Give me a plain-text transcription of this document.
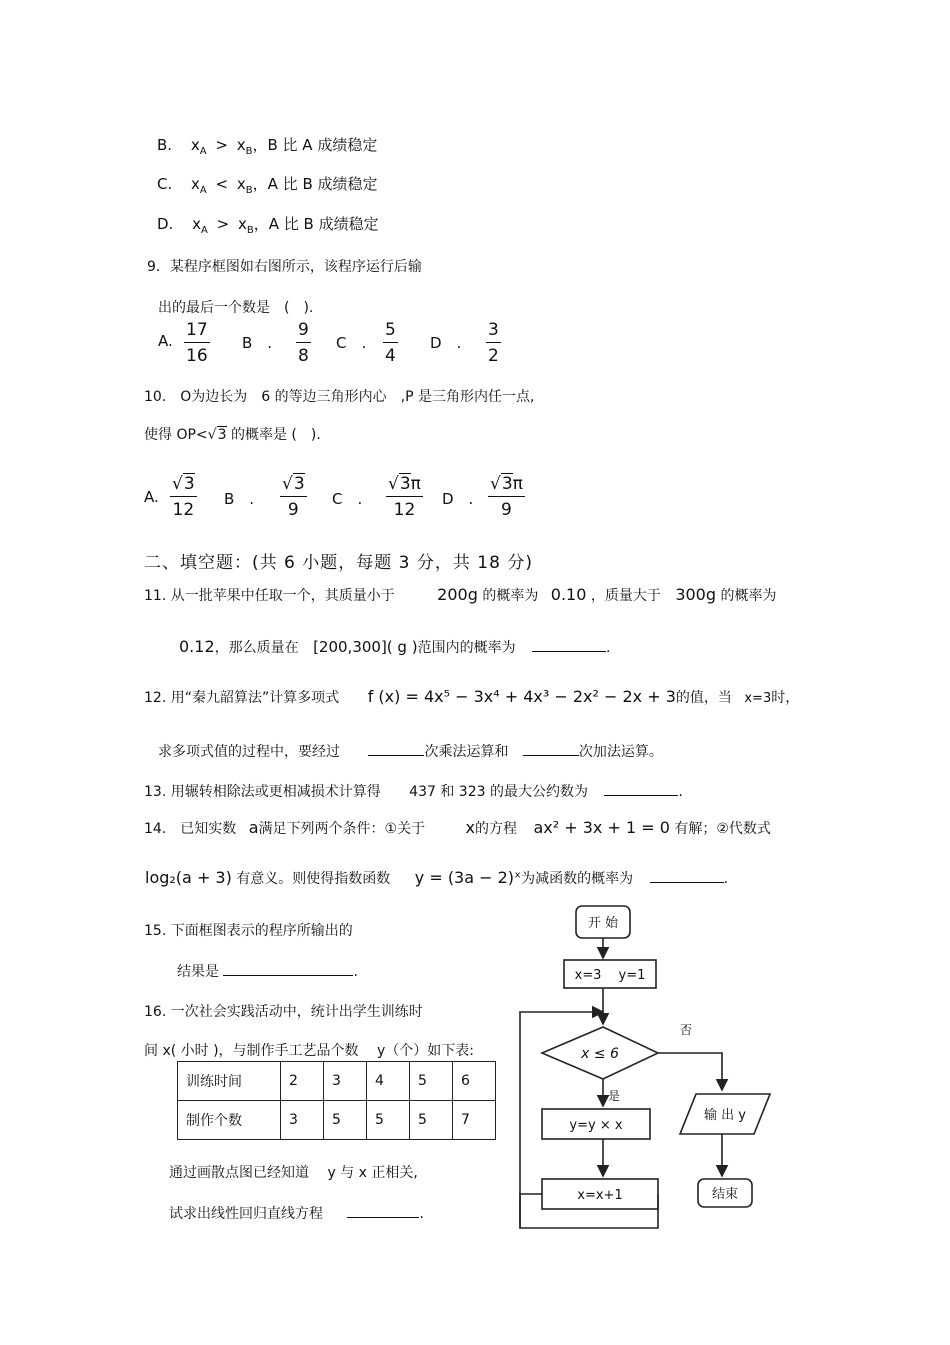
B. $x_A > x_B$，B 比 A 成绩稳定
C. $x_A < x_B$，A 比 B 成绩稳定
D. $x_A > x_B$，A 比 B 成绩稳定
9．某程序框图如右图所示，该程序运行后输
出的最后一个数是　(　).
A. $\frac{17}{16}$ B　. $\frac{9}{8}$ C　. $\frac{5}{4}$ D　. $\frac{3}{2}$
10.　O为边长为　6 的等边三角形内心　,P 是三角形内任一点,
使得 OP<√3 的概率是 (　).
A. $\frac{√3}{12}$ B　. $\frac{√3}{9}$ C　. $\frac{√3\pi}{12}$ D　. $\frac{√3\pi}{9}$
二、填空题：(共 6 小题，每题 3 分，共 18 分)
11. 从一批苹果中任取一个，其质量小于	200g 的概率为 0.10 ，质量大于 300g 的概率为
0.12，那么质量在 [200,300]( g )范围内的概率为	.
12. 用“秦九韶算法”计算多项式 f (x) = 4x⁵ − 3x⁴ + 4x³ − 2x² − 2x + 3的值，当 x=3时，
求多项式值的过程中，要经过	次乘法运算和	次加法运算。
13. 用辗转相除法或更相减损术计算得 437 和 323 的最大公约数为	.
14.　已知实数 a满足下列两个条件：①关于	x的方程 ax² + 3x + 1 = 0 有解；②代数式
log₂(a + 3) 有意义。则使得指数函数 y = (3a − 2)ˣ为减函数的概率为	.
15. 下面框图表示的程序所输出的
结果是	.
16. 一次社会实践活动中，统计出学生训练时
间 x( 小时 )，与制作手工艺品个数　 y（个）如下表:
训练时间	2	3	4	5	6
制作个数	3	5	5	5	7
通过画散点图已经知道　 y 与 x 正相关,
试求出线性回归直线方程	.
开 始
x=3　 y=1
x ≤ 6
是
否
y=y × x
x=x+1
输 出 y
结束
